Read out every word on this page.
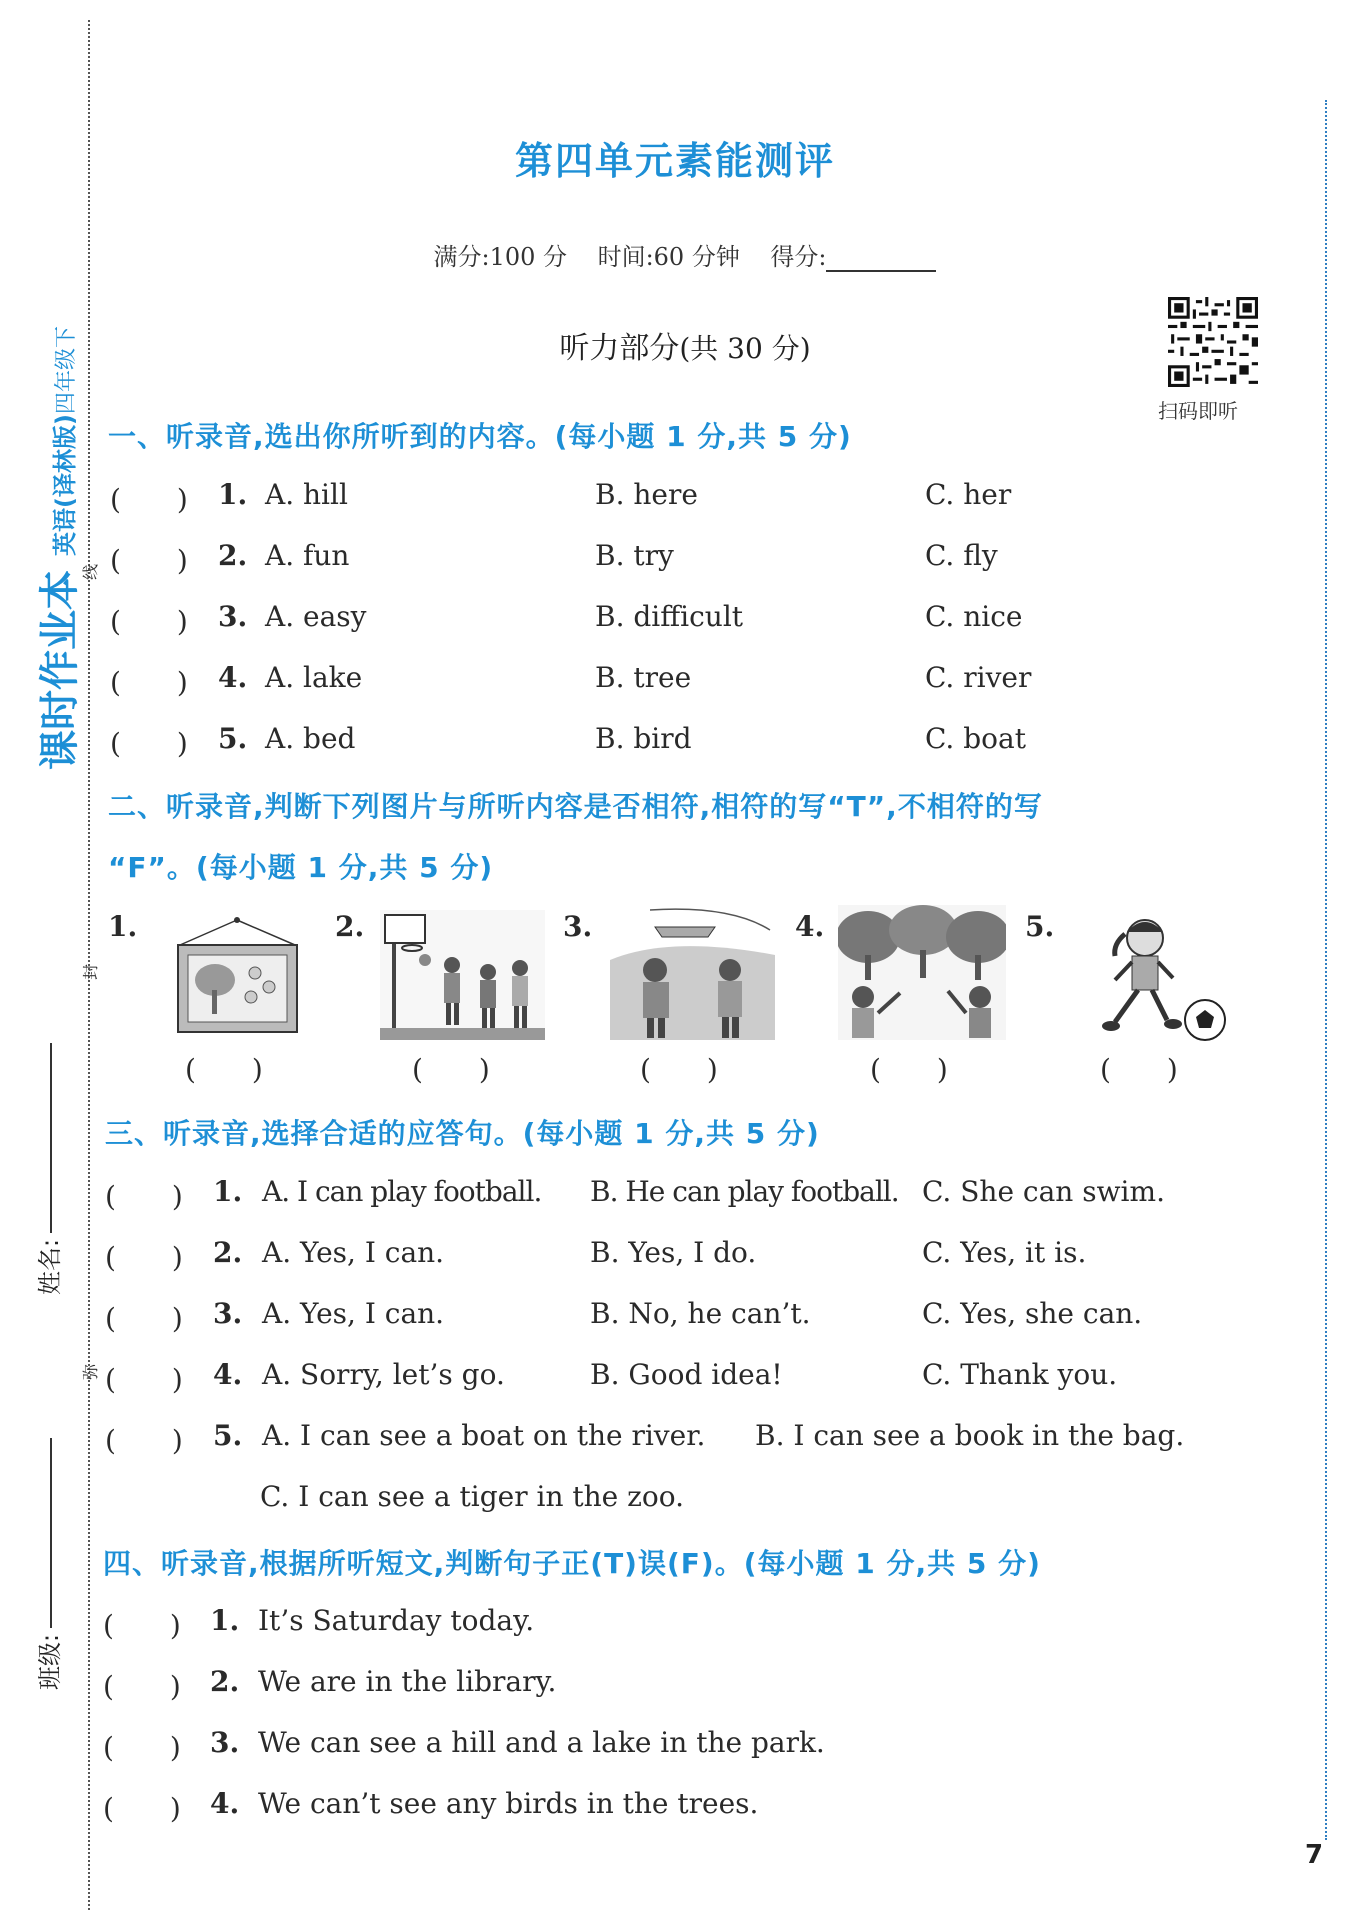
课时作业本英语(译林版)四年级下
线
封
弥
姓名:
班级:
第四单元素能测评
满分:100 分 时间:60 分钟 得分:
听力部分(共 30 分)
扫码即听
一、听录音,选出你所听到的内容。(每小题 1 分,共 5 分)
(　　) 1. A. hill	B. here	C. her
(　　) 2. A. fun	B. try	C. fly
(　　) 3. A. easy	B. difficult	C. nice
(　　) 4. A. lake	B. tree	C. river
(　　) 5. A. bed	B. bird	C. boat
二、听录音,判断下列图片与所听内容是否相符,相符的写“T”,不相符的写
“F”。(每小题 1 分,共 5 分)
1.
(　　)
2.
(　　)
3.
(　　)
4.
(　　)
5.
(　　)
三、听录音,选择合适的应答句。(每小题 1 分,共 5 分)
(　　) 1. A. I can play football. B. He can play football. C. She can swim.
(　　) 2. A. Yes, I can.	B. Yes, I do.	C. Yes, it is.
(　　) 3. A. Yes, I can.	B. No, he can’t.	C. Yes, she can.
(　　) 4. A. Sorry, let’s go.	B. Good idea!	C. Thank you.
(　　) 5. A. I can see a boat on the river. B. I can see a book in the bag.
C. I can see a tiger in the zoo.
四、听录音,根据所听短文,判断句子正(T)误(F)。(每小题 1 分,共 5 分)
(　　) 1. It’s Saturday today.
(　　) 2. We are in the library.
(　　) 3. We can see a hill and a lake in the park.
(　　) 4. We can’t see any birds in the trees.
7
